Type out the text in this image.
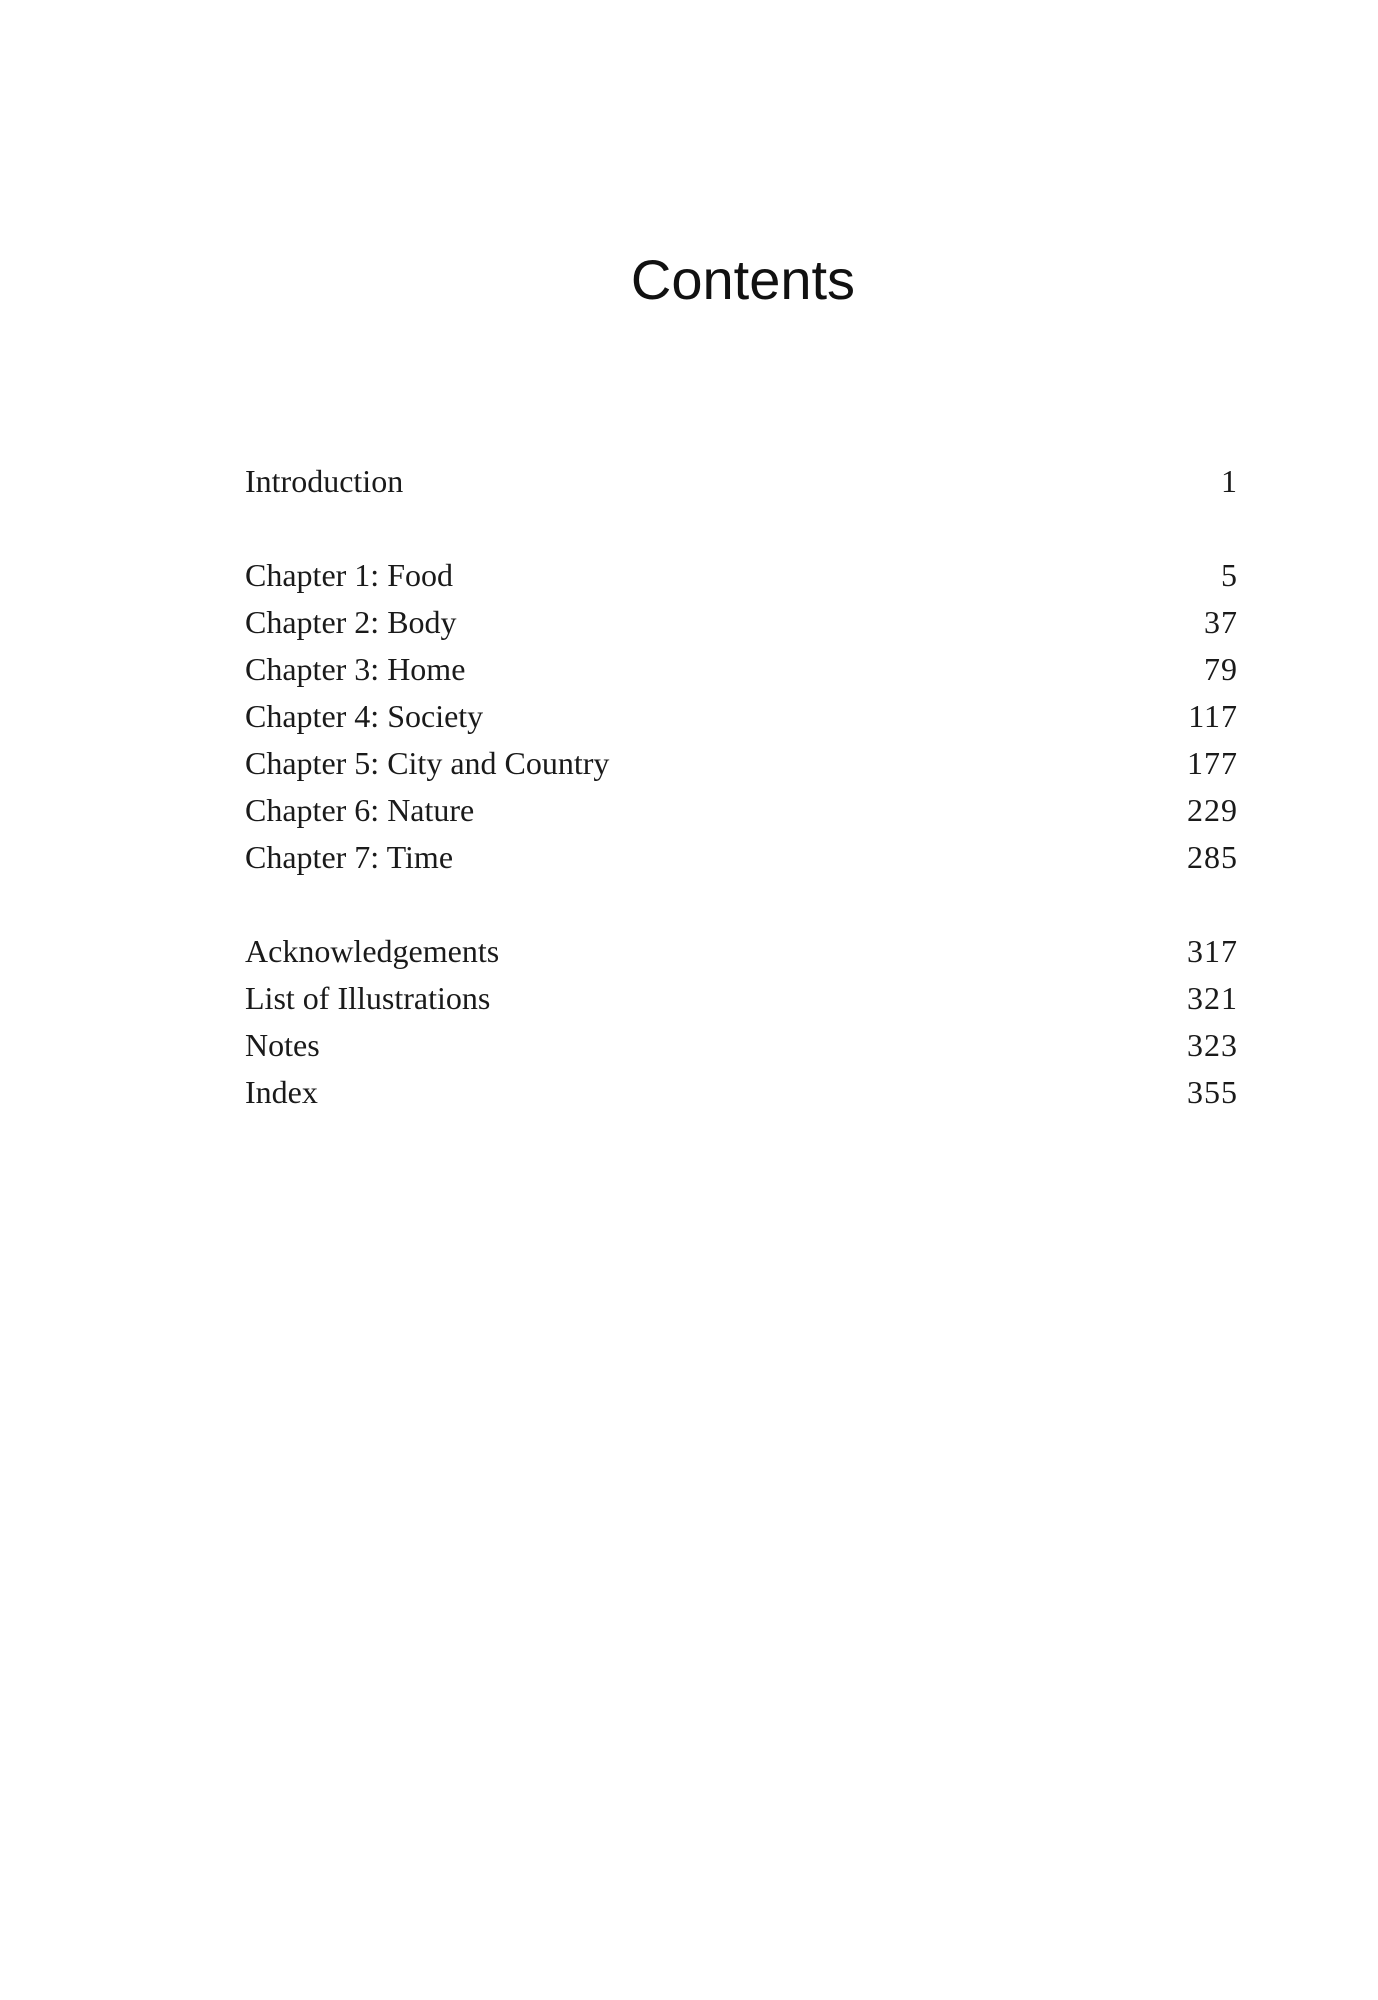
Contents
Introduction	1
Chapter 1: Food	5
Chapter 2: Body	37
Chapter 3: Home	79
Chapter 4: Society	117
Chapter 5: City and Country	177
Chapter 6: Nature	229
Chapter 7: Time	285
Acknowledgements	317
List of Illustrations	321
Notes	323
Index	355
